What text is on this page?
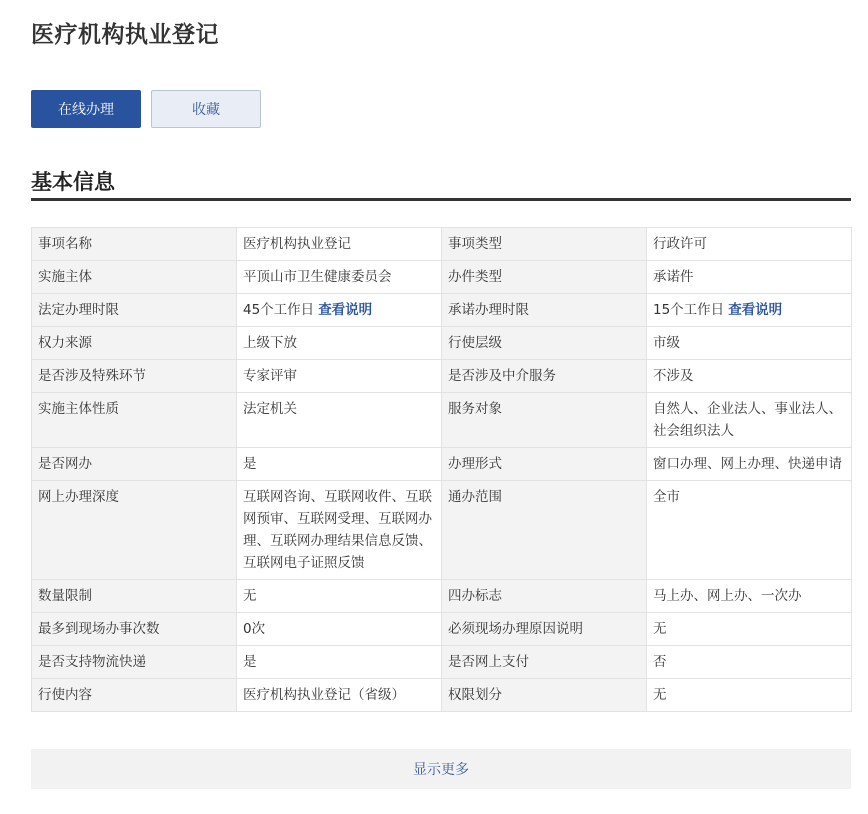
医疗机构执业登记
在线办理	收藏
基本信息
事项名称	医疗机构执业登记	事项类型	行政许可
实施主体	平顶山市卫生健康委员会	办件类型	承诺件
法定办理时限	45个工作日 查看说明	承诺办理时限	15个工作日 查看说明
权力来源	上级下放	行使层级	市级
是否涉及特殊环节	专家评审	是否涉及中介服务	不涉及
实施主体性质	法定机关	服务对象	自然人、企业法人、事业法人、社会组织法人
是否网办	是	办理形式	窗口办理、网上办理、快递申请
网上办理深度	互联网咨询、互联网收件、互联网预审、互联网受理、互联网办理、互联网办理结果信息反馈、互联网电子证照反馈	通办范围	全市
数量限制	无	四办标志	马上办、网上办、一次办
最多到现场办事次数	0次	必须现场办理原因说明	无
是否支持物流快递	是	是否网上支付	否
行使内容	医疗机构执业登记（省级）	权限划分	无
显示更多
